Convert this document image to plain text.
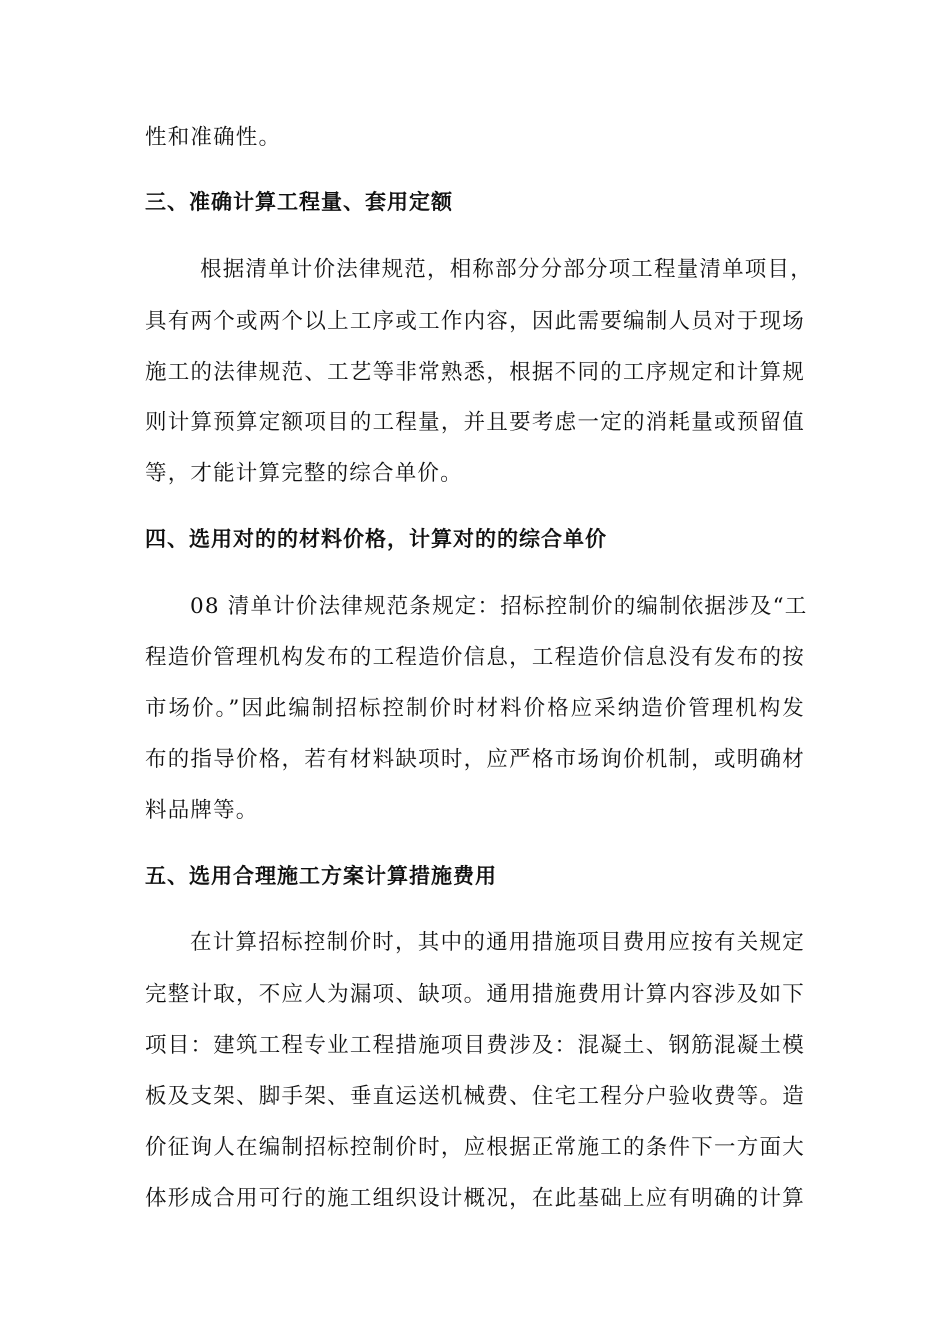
性和准确性。
三、准确计算工程量、套用定额
根据清单计价法律规范，相称部分分部分项工程量清单项目，
具有两个或两个以上工序或工作内容，因此需要编制人员对于现场
施工的法律规范、工艺等非常熟悉，根据不同的工序规定和计算规
则计算预算定额项目的工程量，并且要考虑一定的消耗量或预留值
等，才能计算完整的综合单价。
四、选用对的的材料价格，计算对的的综合单价
08 清单计价法律规范条规定：招标控制价的编制依据涉及“工
程造价管理机构发布的工程造价信息，工程造价信息没有发布的按
市场价。”因此编制招标控制价时材料价格应采纳造价管理机构发
布的指导价格，若有材料缺项时，应严格市场询价机制，或明确材
料品牌等。
五、选用合理施工方案计算措施费用
在计算招标控制价时，其中的通用措施项目费用应按有关规定
完整计取，不应人为漏项、缺项。通用措施费用计算内容涉及如下
项目：建筑工程专业工程措施项目费涉及：混凝土、钢筋混凝土模
板及支架、脚手架、垂直运送机械费、住宅工程分户验收费等。造
价征询人在编制招标控制价时，应根据正常施工的条件下一方面大
体形成合用可行的施工组织设计概况，在此基础上应有明确的计算
